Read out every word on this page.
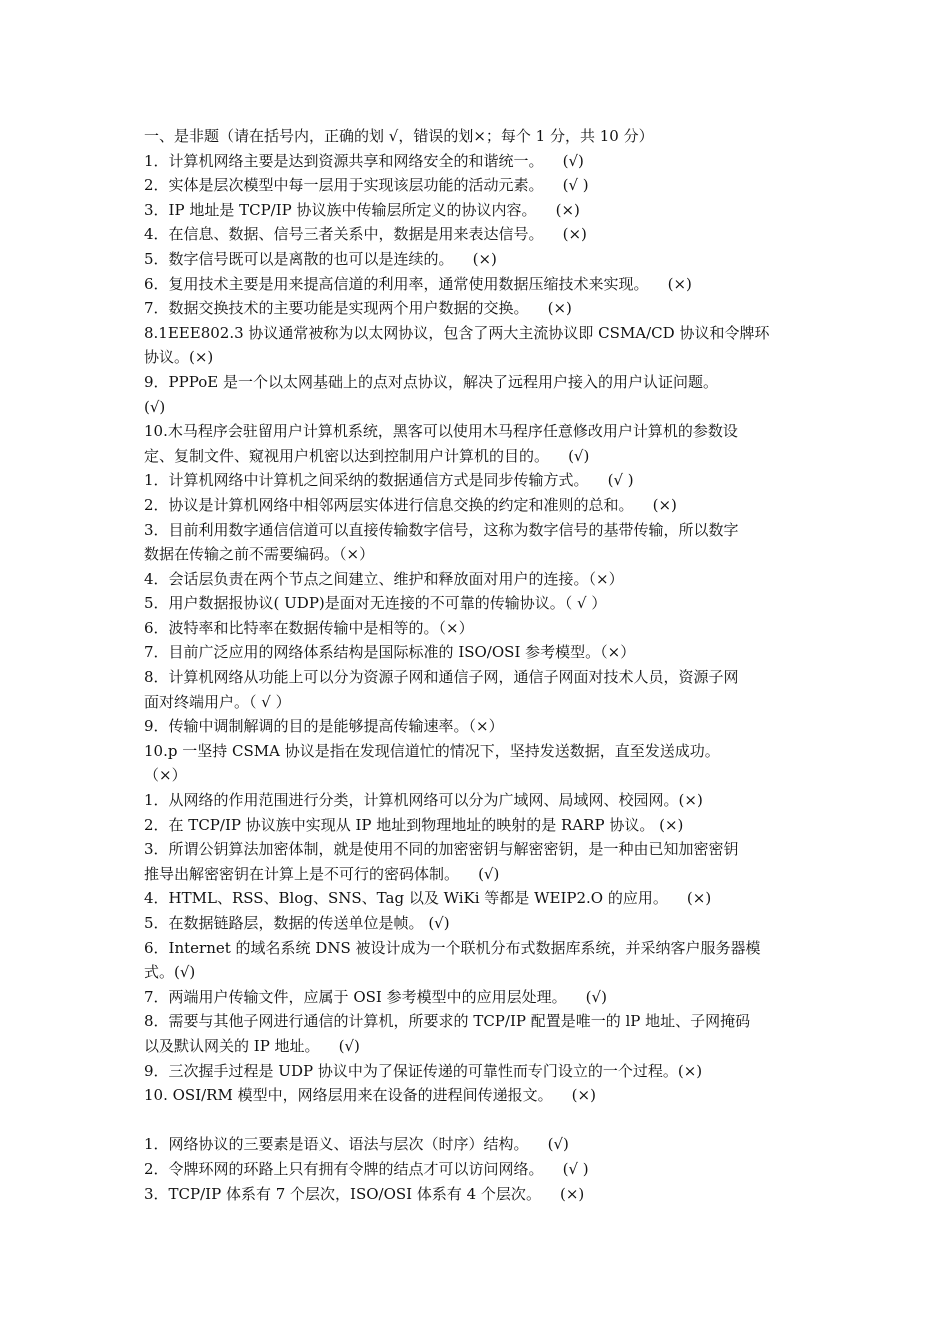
一、是非题（请在括号内，正确的划 √，错误的划×；每个 1 分，共 10 分）
1．计算机网络主要是达到资源共享和网络安全的和谐统一。    (√)
2．实体是层次模型中每一层用于实现该层功能的活动元素。    (√ )
3．IP 地址是 TCP/IP 协议族中传输层所定义的协议内容。    (×)
4．在信息、数据、信号三者关系中，数据是用来表达信号。    (×)
5．数字信号既可以是离散的也可以是连续的。    (×)
6．复用技术主要是用来提高信道的利用率，通常使用数据压缩技术来实现。    (×)
7．数据交换技术的主要功能是实现两个用户数据的交换。    (×)
8.1EEE802.3 协议通常被称为以太网协议，包含了两大主流协议即 CSMA/CD 协议和令牌环
协议。(×)
9．PPPoE 是一个以太网基础上的点对点协议，解决了远程用户接入的用户认证问题。
(√)
10.木马程序会驻留用户计算机系统，黑客可以使用木马程序任意修改用户计算机的参数设
定、复制文件、窥视用户机密以达到控制用户计算机的目的。    (√)
1．计算机网络中计算机之间采纳的数据通信方式是同步传输方式。    (√ )
2．协议是计算机网络中相邻两层实体进行信息交换的约定和准则的总和。    (×)
3．目前利用数字通信信道可以直接传输数字信号，这称为数字信号的基带传输，所以数字
数据在传输之前不需要编码。（×）
4．会话层负责在两个节点之间建立、维护和释放面对用户的连接。（×）
5．用户数据报协议( UDP)是面对无连接的不可靠的传输协议。（ √ ）
6．波特率和比特率在数据传输中是相等的。（×）
7．目前广泛应用的网络体系结构是国际标准的 ISO/OSI 参考模型。（×）
8．计算机网络从功能上可以分为资源子网和通信子网，通信子网面对技术人员，资源子网
面对终端用户。（ √ ）
9．传输中调制解调的目的是能够提高传输速率。（×）
10.p 一坚持 CSMA 协议是指在发现信道忙的情况下，坚持发送数据，直至发送成功。
（×）
1．从网络的作用范围进行分类，计算机网络可以分为广域网、局域网、校园网。(×)
2．在 TCP/IP 协议族中实现从 IP 地址到物理地址的映射的是 RARP 协议。 (×)
3．所谓公钥算法加密体制，就是使用不同的加密密钥与解密密钥，是一种由已知加密密钥
推导出解密密钥在计算上是不可行的密码体制。    (√)
4．HTML、RSS、Blog、SNS、Tag 以及 WiKi 等都是 WEIP2.O 的应用。    (×)
5．在数据链路层，数据的传送单位是帧。 (√)
6．Internet 的域名系统 DNS 被设计成为一个联机分布式数据库系统，并采纳客户服务器模
式。(√)
7．两端用户传输文件，应属于 OSI 参考模型中的应用层处理。    (√)
8．需要与其他子网进行通信的计算机，所要求的 TCP/IP 配置是唯一的 lP 地址、子网掩码
以及默认网关的 IP 地址。    (√)
9．三次握手过程是 UDP 协议中为了保证传递的可靠性而专门设立的一个过程。(×)
10. OSI/RM 模型中，网络层用来在设备的进程间传递报文。    (×)
1．网络协议的三要素是语义、语法与层次（时序）结构。    (√)
2．令牌环网的环路上只有拥有令牌的结点才可以访问网络。    (√ )
3．TCP/IP 体系有 7 个层次，ISO/OSI 体系有 4 个层次。    (×)
